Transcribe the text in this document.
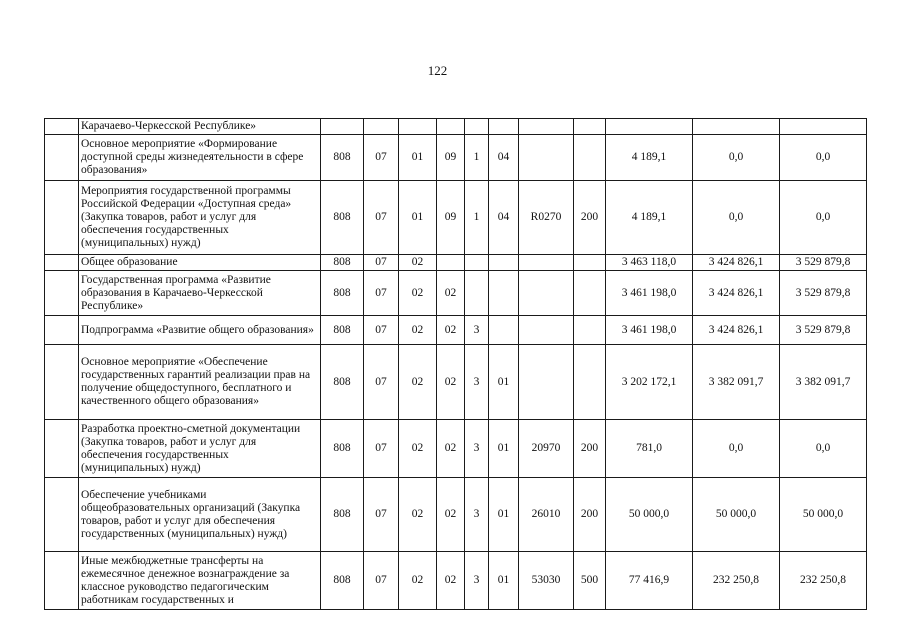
122
	Карачаево-Черкесской Республике»											
	Основное мероприятие «Формирование доступной среды жизнедеятельности в сфере образования»	808	07	01	09	1	04			4 189,1	0,0	0,0
	Мероприятия государственной программы Российской Федерации «Доступная среда» (Закупка товаров, работ и услуг для обеспечения государственных (муниципальных) нужд)	808	07	01	09	1	04	R0270	200	4 189,1	0,0	0,0
	Общее образование	808	07	02						3 463 118,0	3 424 826,1	3 529 879,8
	Государственная программа «Развитие образования в Карачаево-Черкесской Республике»	808	07	02	02					3 461 198,0	3 424 826,1	3 529 879,8
	Подпрограмма «Развитие общего образования»	808	07	02	02	3				3 461 198,0	3 424 826,1	3 529 879,8
	Основное мероприятие «Обеспечение государственных гарантий реализации прав на получение общедоступного, бесплатного и качественного общего образования»	808	07	02	02	3	01			3 202 172,1	3 382 091,7	3 382 091,7
	Разработка проектно-сметной документации (Закупка товаров, работ и услуг для обеспечения государственных (муниципальных) нужд)	808	07	02	02	3	01	20970	200	781,0	0,0	0,0
	Обеспечение учебниками общеобразовательных организаций (Закупка товаров, работ и услуг для обеспечения государственных (муниципальных) нужд)	808	07	02	02	3	01	26010	200	50 000,0	50 000,0	50 000,0
	Иные межбюджетные трансферты на ежемесячное денежное вознаграждение за классное руководство педагогическим работникам государственных и	808	07	02	02	3	01	53030	500	77 416,9	232 250,8	232 250,8
